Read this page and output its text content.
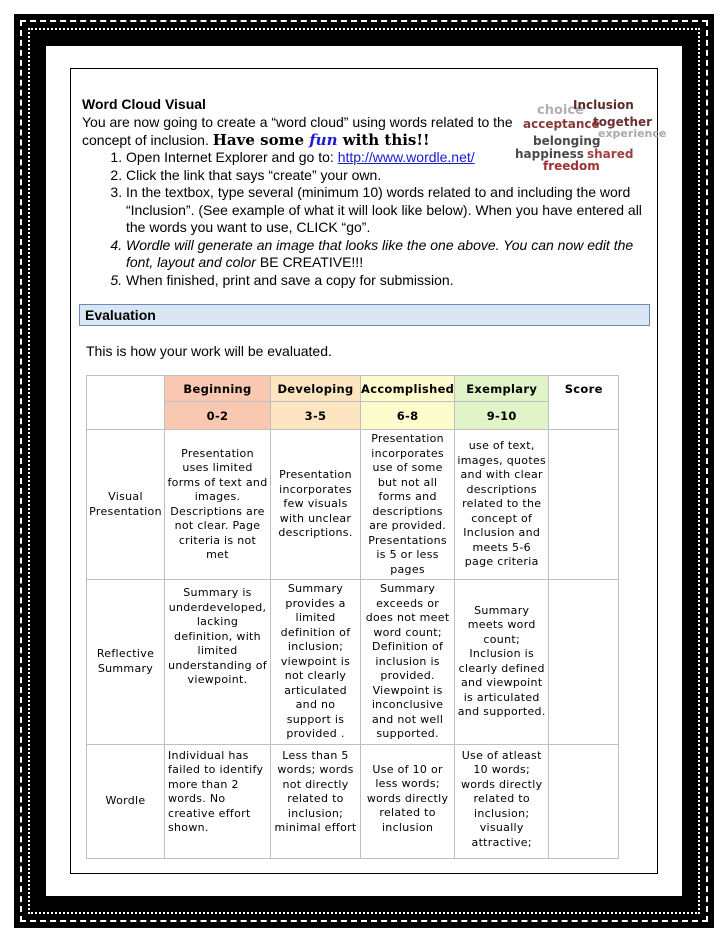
choice
Inclusion
acceptance
together
experience
belonging
happiness shared
freedom
Word Cloud Visual
You are now going to create a “word cloud” using words related to the
concept of inclusion. Have some fun with this!!
1. Open Internet Explorer and go to: http://www.wordle.net/
2. Click the link that says “create” your own.
3. In the textbox, type several (minimum 10) words related to and including the word “Inclusion”. (See example of what it will look like below). When you have entered all the words you want to use, CLICK “go”.
4. Wordle will generate an image that looks like the one above. You can now edit the font, layout and color BE CREATIVE!!!
5. When finished, print and save a copy for submission.
Evaluation
This is how your work will be evaluated.
	Beginning	Developing	Accomplished	Exemplary	Score
	0-2	3-5	6-8	9-10	
Visual Presentation	Presentation uses limited forms of text and images. Descriptions are not clear. Page criteria is not met	Presentation incorporates few visuals with unclear descriptions.	Presentation incorporates use of some but not all forms and descriptions are provided. Presentations is 5 or less pages	use of text, images, quotes and with clear descriptions related to the concept of Inclusion and meets 5-6 page criteria	
Reflective Summary	Summary is underdeveloped, lacking definition, with limited understanding of viewpoint.	Summary provides a limited definition of inclusion; viewpoint is not clearly articulated and no support is provided .	Summary exceeds or does not meet word count; Definition of inclusion is provided. Viewpoint is inconclusive and not well supported.	Summary meets word count; Inclusion is clearly defined and viewpoint is articulated and supported.	
Wordle	Individual has failed to identify more than 2 words. No creative effort shown.	Less than 5 words; words not directly related to inclusion; minimal effort	Use of 10 or less words; words directly related to inclusion	Use of atleast 10 words; words directly related to inclusion; visually attractive;	
